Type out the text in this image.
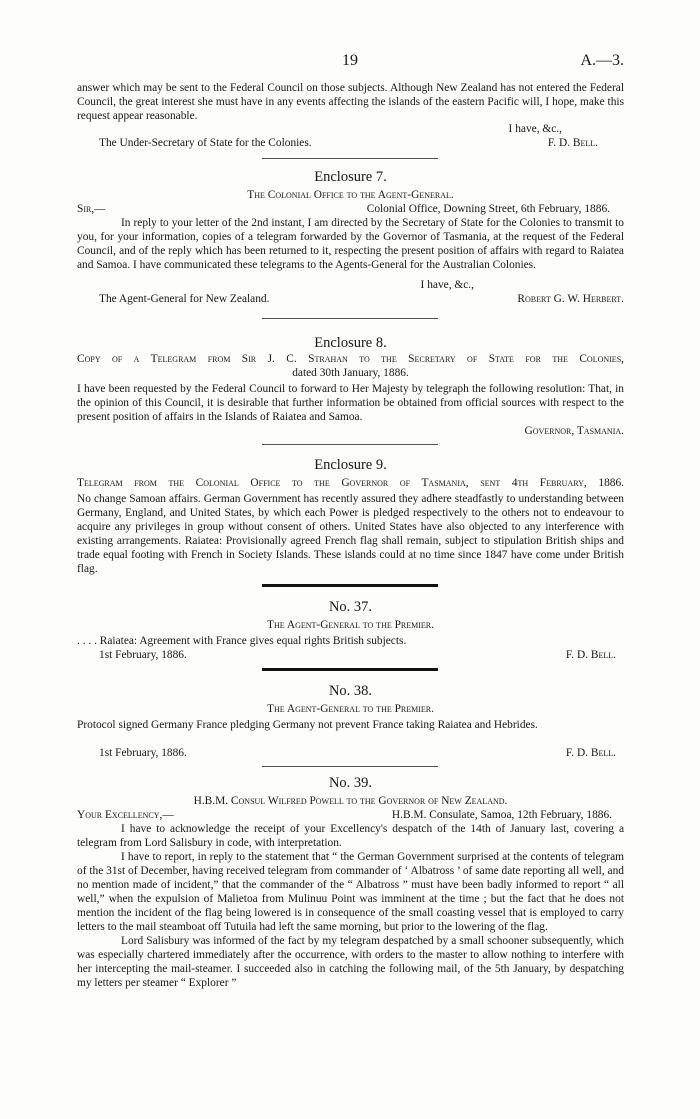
19	A.—3.

answer which may be sent to the Federal Council on those subjects. Although New Zealand has not entered the Federal Council, the great interest she must have in any events affecting the islands of the eastern Pacific will, I hope, make this request appear reasonable.

I have, &c.,
The Under-Secretary of State for the Colonies.	F. D. Bell.
Enclosure 7.
The Colonial Office to the Agent-General.
Sir,—	Colonial Office, Downing Street, 6th February, 1886.

In reply to your letter of the 2nd instant, I am directed by the Secretary of State for the Colonies to transmit to you, for your information, copies of a telegram forwarded by the Governor of Tasmania, at the request of the Federal Council, and of the reply which has been returned to it, respecting the present position of affairs with regard to Raiatea and Samoa. I have communicated these telegrams to the Agents-General for the Australian Colonies.

I have, &c.,
The Agent-General for New Zealand.	Robert G. W. Herbert.
Enclosure 8.
Copy of a Telegram from Sir J. C. Strahan to the Secretary of State for the Colonies,
dated 30th January, 1886.

I have been requested by the Federal Council to forward to Her Majesty by telegraph the following resolution: That, in the opinion of this Council, it is desirable that further information be obtained from official sources with respect to the present position of affairs in the Islands of Raiatea and Samoa.

Governor, Tasmania.
Enclosure 9.
Telegram from the Colonial Office to the Governor of Tasmania, sent 4th February, 1886.

No change Samoan affairs. German Government has recently assured they adhere steadfastly to understanding between Germany, England, and United States, by which each Power is pledged respectively to the others not to endeavour to acquire any privileges in group without consent of others. United States have also objected to any interference with existing arrangements. Raiatea: Provisionally agreed French flag shall remain, subject to stipulation British ships and trade equal footing with French in Society Islands. These islands could at no time since 1847 have come under British flag.

No. 37.
The Agent-General to the Premier.
. . . . Raiatea: Agreement with France gives equal rights British subjects.
1st February, 1886.	F. D. Bell.
No. 38.
The Agent-General to the Premier.

Protocol signed Germany France pledging Germany not prevent France taking Raiatea and Hebrides.

1st February, 1886.	F. D. Bell.
No. 39.
H.B.M. Consul Wilfred Powell to the Governor of New Zealand.
Your Excellency,—	H.B.M. Consulate, Samoa, 12th February, 1886.

I have to acknowledge the receipt of your Excellency's despatch of the 14th of January last, covering a telegram from Lord Salisbury in code, with interpretation.

I have to report, in reply to the statement that “ the German Government surprised at the contents of telegram of the 31st of December, having received telegram from commander of ‘ Albatross ’ of same date reporting all well, and no mention made of incident,” that the commander of the “ Albatross ” must have been badly informed to report “ all well,” when the expulsion of Malietoa from Mulinuu Point was imminent at the time ; but the fact that he does not mention the incident of the flag being lowered is in consequence of the small coasting vessel that is employed to carry letters to the mail steamboat off Tutuila had left the same morning, but prior to the lowering of the flag.

Lord Salisbury was informed of the fact by my telegram despatched by a small schooner subsequently, which was especially chartered immediately after the occurrence, with orders to the master to allow nothing to interfere with her intercepting the mail-steamer. I succeeded also in catching the following mail, of the 5th January, by despatching my letters per steamer “ Explorer ”
